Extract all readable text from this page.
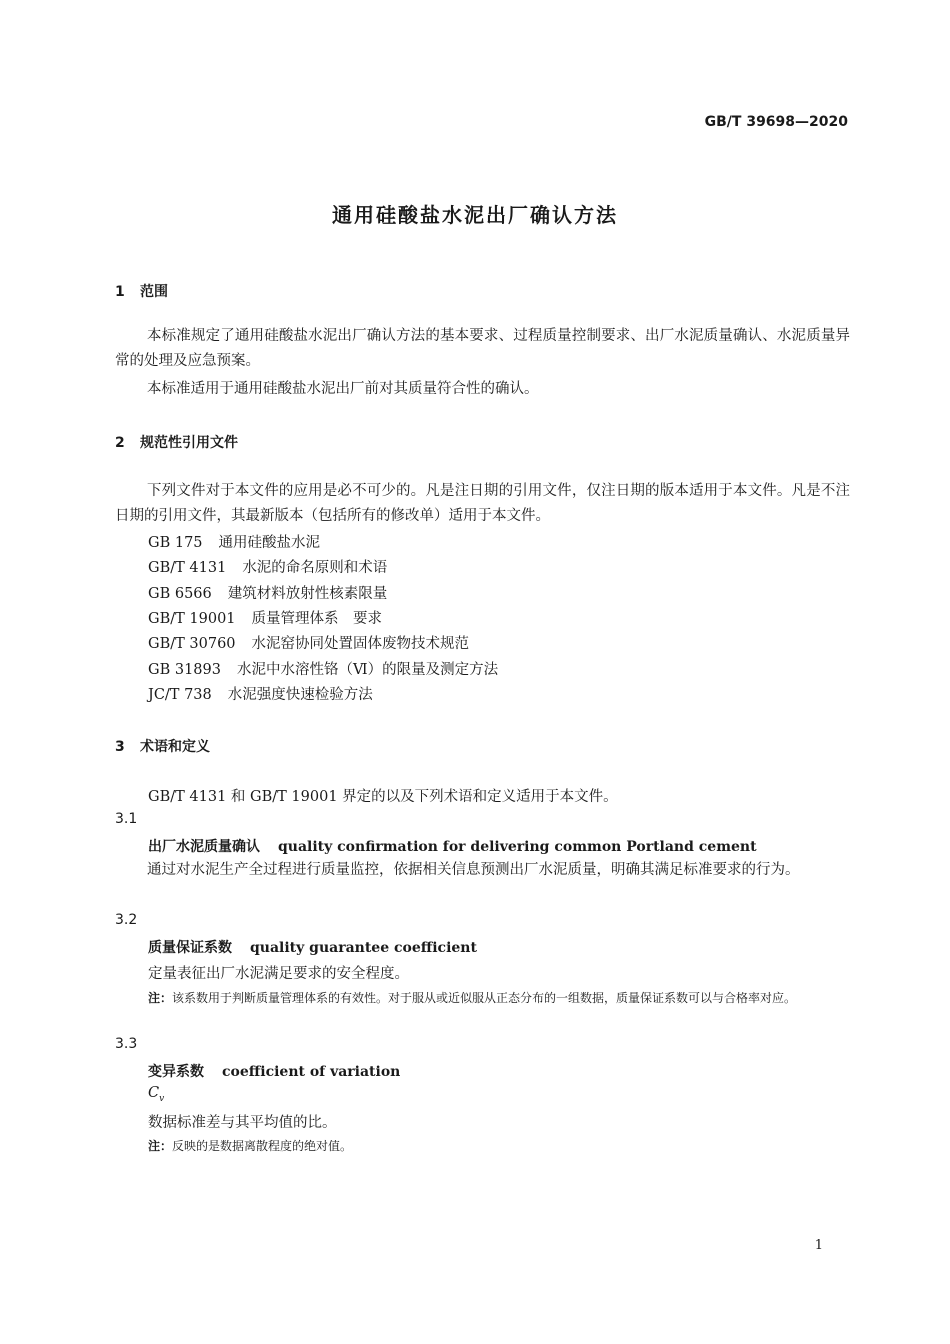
GB/T 39698—2020
通用硅酸盐水泥出厂确认方法
1 范围
本标准规定了通用硅酸盐水泥出厂确认方法的基本要求、过程质量控制要求、出厂水泥质量确认、水泥质量异常的处理及应急预案。
本标准适用于通用硅酸盐水泥出厂前对其质量符合性的确认。
2 规范性引用文件
下列文件对于本文件的应用是必不可少的。凡是注日期的引用文件，仅注日期的版本适用于本文件。凡是不注日期的引用文件，其最新版本（包括所有的修改单）适用于本文件。
GB 175 通用硅酸盐水泥
GB/T 4131 水泥的命名原则和术语
GB 6566 建筑材料放射性核素限量
GB/T 19001 质量管理体系　要求
GB/T 30760 水泥窑协同处置固体废物技术规范
GB 31893 水泥中水溶性铬（Ⅵ）的限量及测定方法
JC/T 738 水泥强度快速检验方法
3 术语和定义
GB/T 4131 和 GB/T 19001 界定的以及下列术语和定义适用于本文件。
3.1
出厂水泥质量确认 quality confirmation for delivering common Portland cement
通过对水泥生产全过程进行质量监控，依据相关信息预测出厂水泥质量，明确其满足标准要求的行为。
3.2
质量保证系数 quality guarantee coefficient
定量表征出厂水泥满足要求的安全程度。
注：该系数用于判断质量管理体系的有效性。对于服从或近似服从正态分布的一组数据，质量保证系数可以与合格率对应。
3.3
变异系数 coefficient of variation
$C_v$
数据标准差与其平均值的比。
注：反映的是数据离散程度的绝对值。
1
